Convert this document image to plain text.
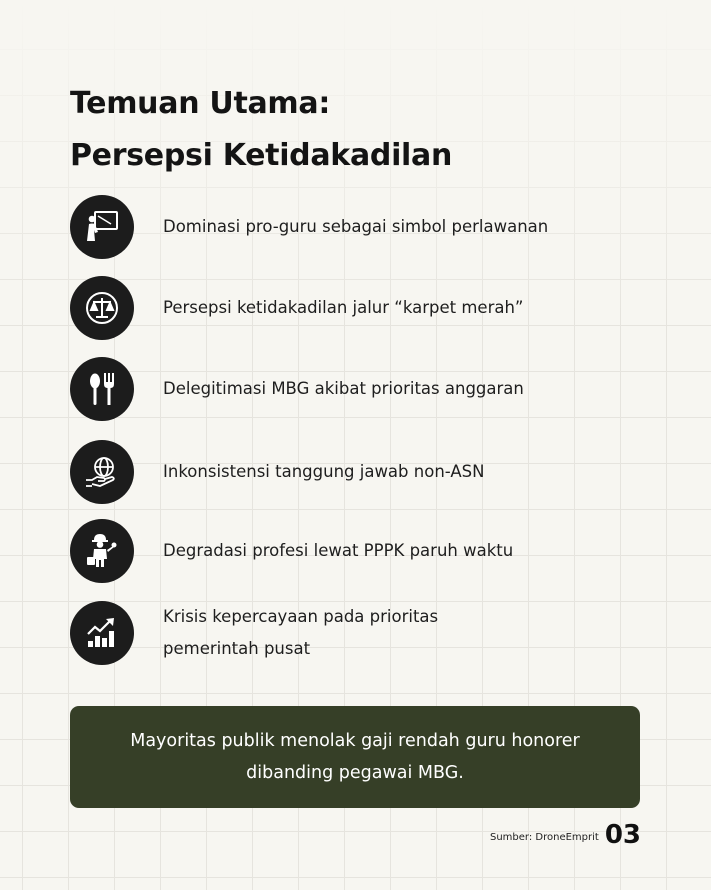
Temuan Utama:
Persepsi Ketidakadilan
Dominasi pro-guru sebagai simbol perlawanan
Persepsi ketidakadilan jalur “karpet merah”
Delegitimasi MBG akibat prioritas anggaran
Inkonsistensi tanggung jawab non-ASN
Degradasi profesi lewat PPPK paruh waktu
Krisis kepercayaan pada prioritas
pemerintah pusat

Mayoritas publik menolak gaji rendah guru honorer dibanding pegawai MBG.

Sumber: DroneEmprit 03
